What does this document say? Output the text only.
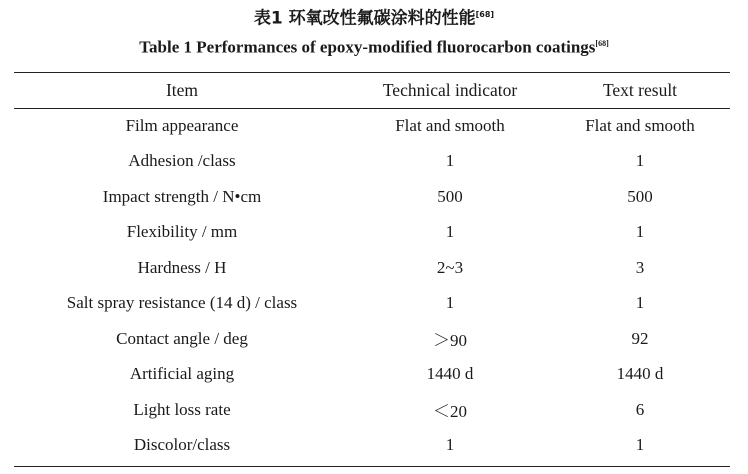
表1 环氧改性氟碳涂料的性能[68]
Table 1 Performances of epoxy-modified fluorocarbon coatings[68]
Item	Technical indicator	Text result
Film appearance	Flat and smooth	Flat and smooth
Adhesion /class	1	1
Impact strength / N•cm	500	500
Flexibility / mm	1	1
Hardness / H	2~3	3
Salt spray resistance (14 d) / class	1	1
Contact angle / deg	＞90	92
Artificial aging	1440 d	1440 d
Light loss rate	＜20	6
Discolor/class	1	1
